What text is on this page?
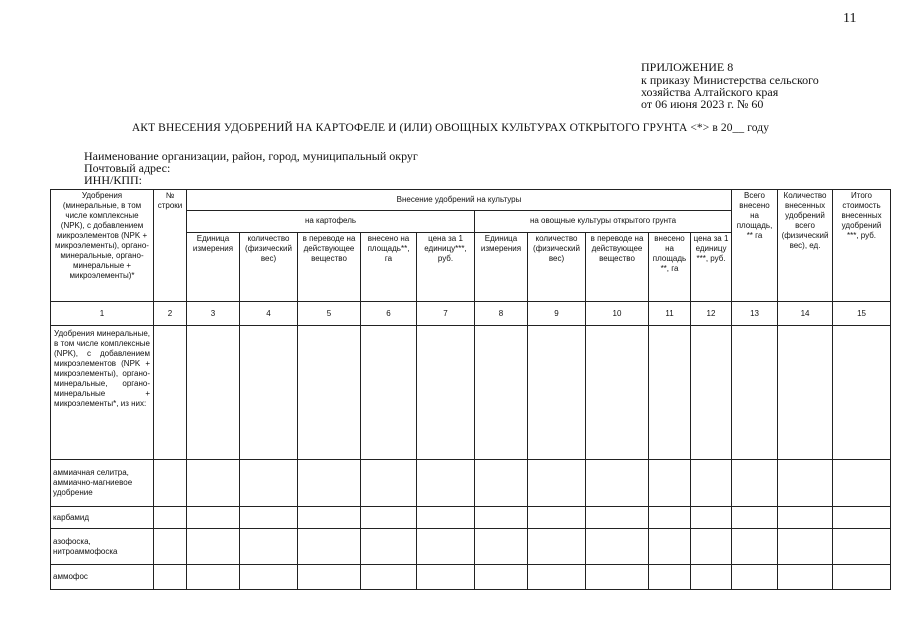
11
ПРИЛОЖЕНИЕ 8
к приказу Министерства сельского
хозяйства Алтайского края
от 06 июня 2023 г. № 60
АКТ ВНЕСЕНИЯ УДОБРЕНИЙ НА КАРТОФЕЛЕ И (ИЛИ) ОВОЩНЫХ КУЛЬТУРАХ ОТКРЫТОГО ГРУНТА <*> в 20__ году
Наименование организации, район, город, муниципальный округ
Почтовый адрес:
ИНН/КПП:
Удобрения (минеральные, в том числе комплексные (NPK), с добавлением микроэлементов (NPK + микроэлементы), органо-минеральные, органо-минеральные + микроэлементы)*	№ строки	Внесение удобрений на культуры										Всего внесено на площадь, ** га	Количество внесенных удобрений всего (физический вес), ед.	Итого стоимость внесенных удобрений ***, руб.
		на картофель					на овощные культуры открытого грунта							
		Единица измерения	количество (физический вес)	в переводе на действующее вещество	внесено на площадь**, га	цена за 1 единицу***, руб.	Единица измерения	количество (физический вес)	в переводе на действующее вещество	внесено на площадь **, га	цена за 1 единицу ***, руб.			
1	2	3	4	5	6	7	8	9	10	11	12	13	14	15
Удобрения минеральные, в том числе комплексные (NPK), с добавлением микроэлементов (NPK + микроэлементы), органо-минеральные, органо-минеральные + микроэлементы*, из них:														
аммиачная селитра, аммиачно-магниевое удобрение														
карбамид														
азофоска, нитроаммофоска														
аммофос														
